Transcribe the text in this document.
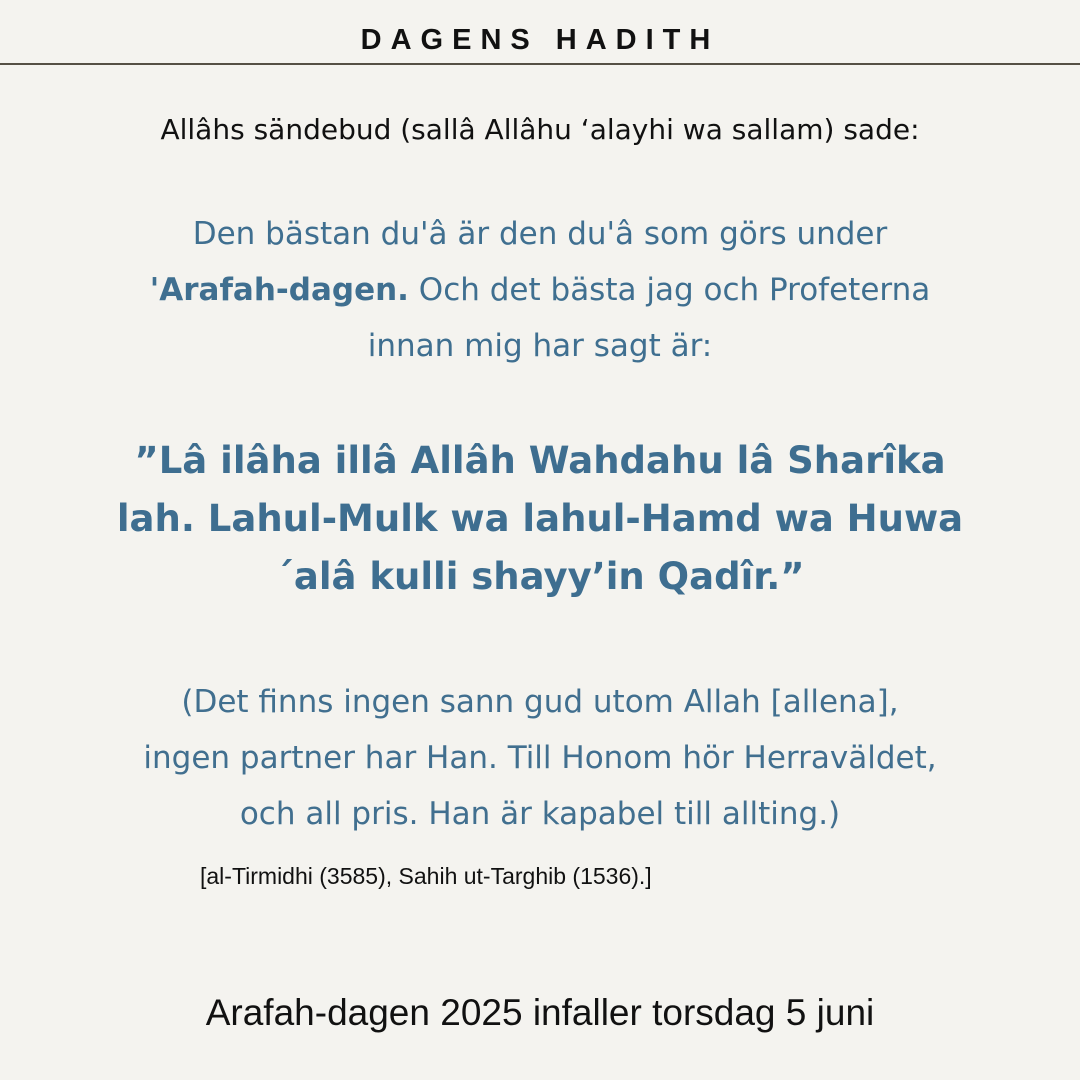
DAGENS HADITH
Allâhs sändebud (sallâ Allâhu ‘alayhi wa sallam) sade:
Den bästan du'â är den du'â som görs under
'Arafah-dagen. Och det bästa jag och Profeterna
innan mig har sagt är:
”Lâ ilâha illâ Allâh Wahdahu lâ Sharîka
lah. Lahul-Mulk wa lahul-Hamd wa Huwa
´alâ kulli shayy’in Qadîr.”
(Det finns ingen sann gud utom Allah [allena],
ingen partner har Han. Till Honom hör Herraväldet,
och all pris. Han är kapabel till allting.)
[al-Tirmidhi (3585), Sahih ut-Targhib (1536).]
Arafah-dagen 2025 infaller torsdag 5 juni
